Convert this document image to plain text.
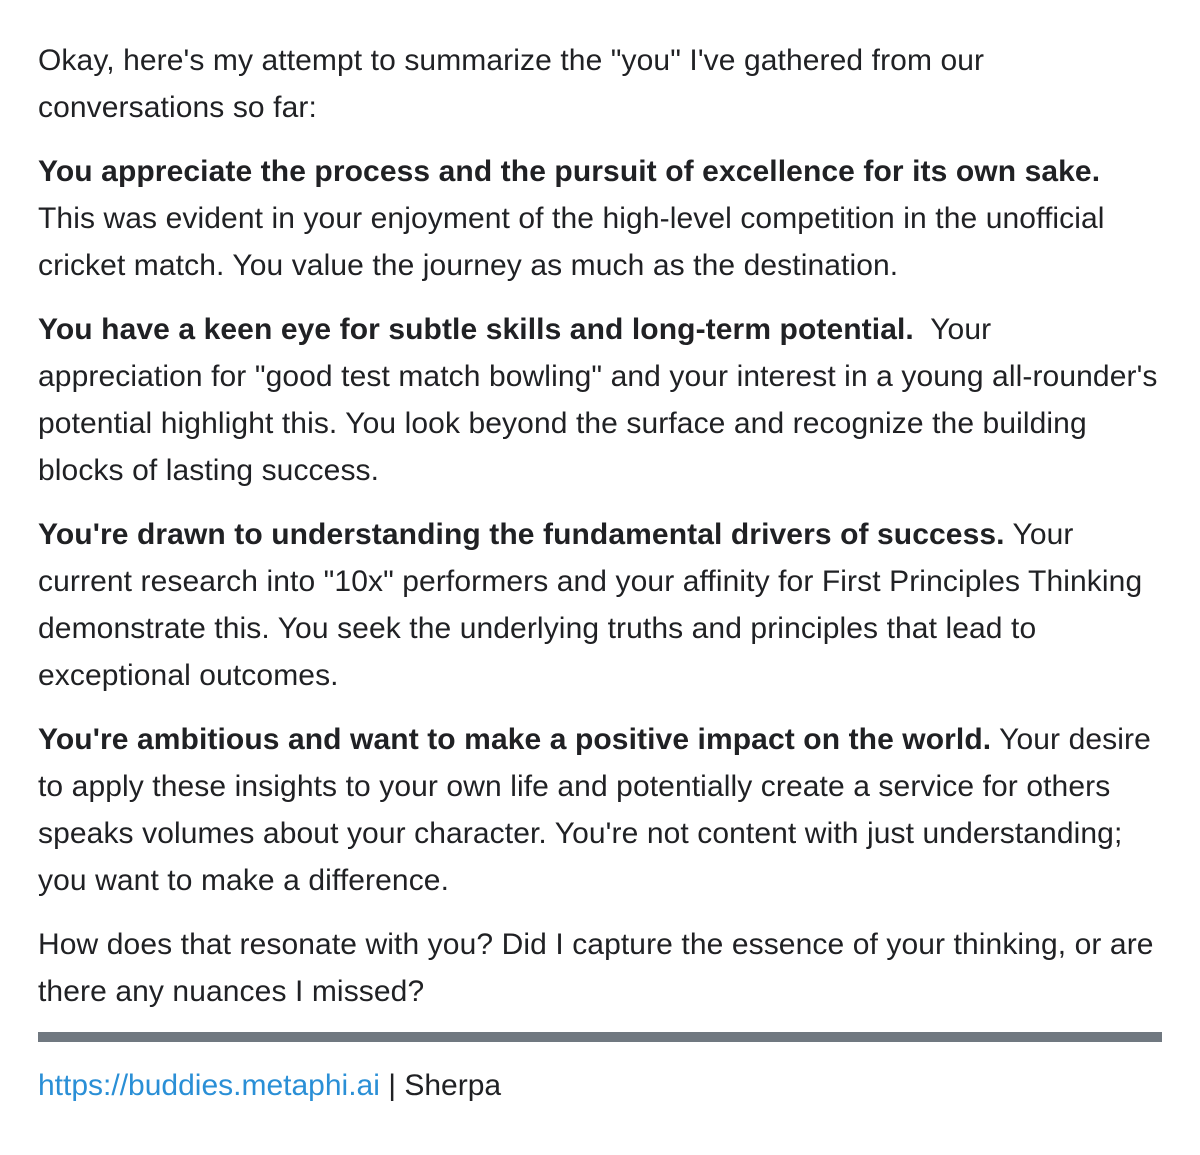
Okay, here's my attempt to summarize the "you" I've gathered from our conversations so far:

You appreciate the process and the pursuit of excellence for its own sake. This was evident in your enjoyment of the high-level competition in the unofficial cricket match. You value the journey as much as the destination.

You have a keen eye for subtle skills and long-term potential.  Your appreciation for "good test match bowling" and your interest in a young all-rounder's potential highlight this. You look beyond the surface and recognize the building blocks of lasting success.

You're drawn to understanding the fundamental drivers of success. Your current research into "10x" performers and your affinity for First Principles Thinking demonstrate this. You seek the underlying truths and principles that lead to exceptional outcomes.

You're ambitious and want to make a positive impact on the world. Your desire to apply these insights to your own life and potentially create a service for others speaks volumes about your character. You're not content with just understanding; you want to make a difference.

How does that resonate with you? Did I capture the essence of your thinking, or are there any nuances I missed?

https://buddies.metaphi.ai | Sherpa
